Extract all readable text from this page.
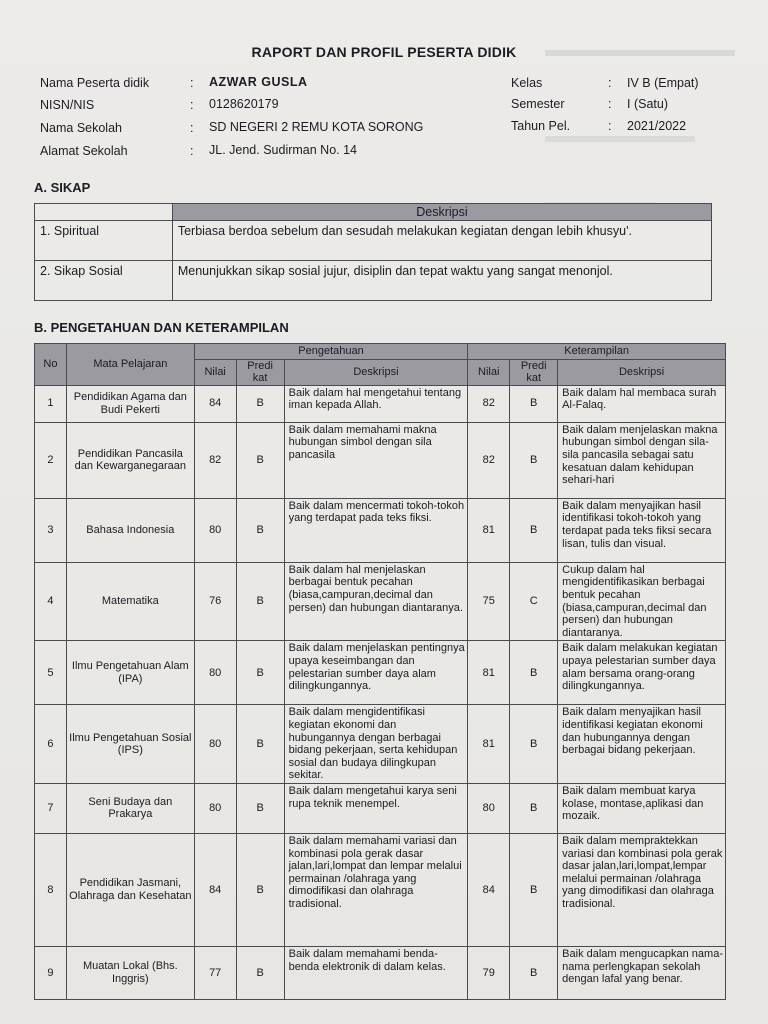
RAPORT DAN PROFIL PESERTA DIDIK
Nama Peserta didik	: AZWAR GUSLA
NISN/NIS	: 0128620179
Nama Sekolah	: SD NEGERI 2 REMU KOTA SORONG
Alamat Sekolah	: JL. Jend. Sudirman No. 14
Kelas	: IV B (Empat)
Semester	: I (Satu)
Tahun Pel.	: 2021/2022
A. SIKAP
	Deskripsi
1. Spiritual	Terbiasa berdoa sebelum dan sesudah melakukan kegiatan dengan lebih khusyu'.
2. Sikap Sosial	Menunjukkan sikap sosial jujur, disiplin dan tepat waktu yang sangat menonjol.
B. PENGETAHUAN DAN KETERAMPILAN
No	Mata Pelajaran	Pengetahuan			Keterampilan		
		Nilai	Predi kat	Deskripsi	Nilai	Predi kat	Deskripsi
1	Pendidikan Agama dan Budi Pekerti	84	B	Baik dalam hal mengetahui tentang iman kepada Allah.	82	B	Baik dalam hal membaca surah Al-Falaq.
2	Pendidikan Pancasila dan Kewarganegaraan	82	B	Baik dalam memahami makna hubungan simbol dengan sila pancasila	82	B	Baik dalam menjelaskan makna hubungan simbol dengan sila-sila pancasila sebagai satu kesatuan dalam kehidupan sehari-hari
3	Bahasa Indonesia	80	B	Baik dalam mencermati tokoh-tokoh yang terdapat pada teks fiksi.	81	B	Baik dalam menyajikan hasil identifikasi tokoh-tokoh yang terdapat pada teks fiksi secara lisan, tulis dan visual.
4	Matematika	76	B	Baik dalam hal menjelaskan berbagai bentuk pecahan (biasa,campuran,decimal dan persen) dan hubungan diantaranya.	75	C	Cukup dalam hal mengidentifikasikan berbagai bentuk pecahan (biasa,campuran,decimal dan persen) dan hubungan diantaranya.
5	Ilmu Pengetahuan Alam (IPA)	80	B	Baik dalam menjelaskan pentingnya upaya keseimbangan dan pelestarian sumber daya alam dilingkungannya.	81	B	Baik dalam melakukan kegiatan upaya pelestarian sumber daya alam bersama orang-orang dilingkungannya.
6	Ilmu Pengetahuan Sosial (IPS)	80	B	Baik dalam mengidentifikasi kegiatan ekonomi dan hubungannya dengan berbagai bidang pekerjaan, serta kehidupan sosial dan budaya dilingkupan sekitar.	81	B	Baik dalam menyajikan hasil identifikasi kegiatan ekonomi dan hubungannya dengan berbagai bidang pekerjaan.
7	Seni Budaya dan Prakarya	80	B	Baik dalam mengetahui karya seni rupa teknik menempel.	80	B	Baik dalam membuat karya kolase, montase,aplikasi dan mozaik.
8	Pendidikan Jasmani, Olahraga dan Kesehatan	84	B	Baik dalam memahami variasi dan kombinasi pola gerak dasar jalan,lari,lompat dan lempar melalui permainan /olahraga yang dimodifikasi dan olahraga tradisional.	84	B	Baik dalam mempraktekkan variasi dan kombinasi pola gerak dasar jalan,lari,lompat,lempar melalui permainan /olahraga yang dimodifikasi dan olahraga tradisional.
9	Muatan Lokal (Bhs. Inggris)	77	B	Baik dalam memahami benda-benda elektronik di dalam kelas.	79	B	Baik dalam mengucapkan nama-nama perlengkapan sekolah dengan lafal yang benar.
